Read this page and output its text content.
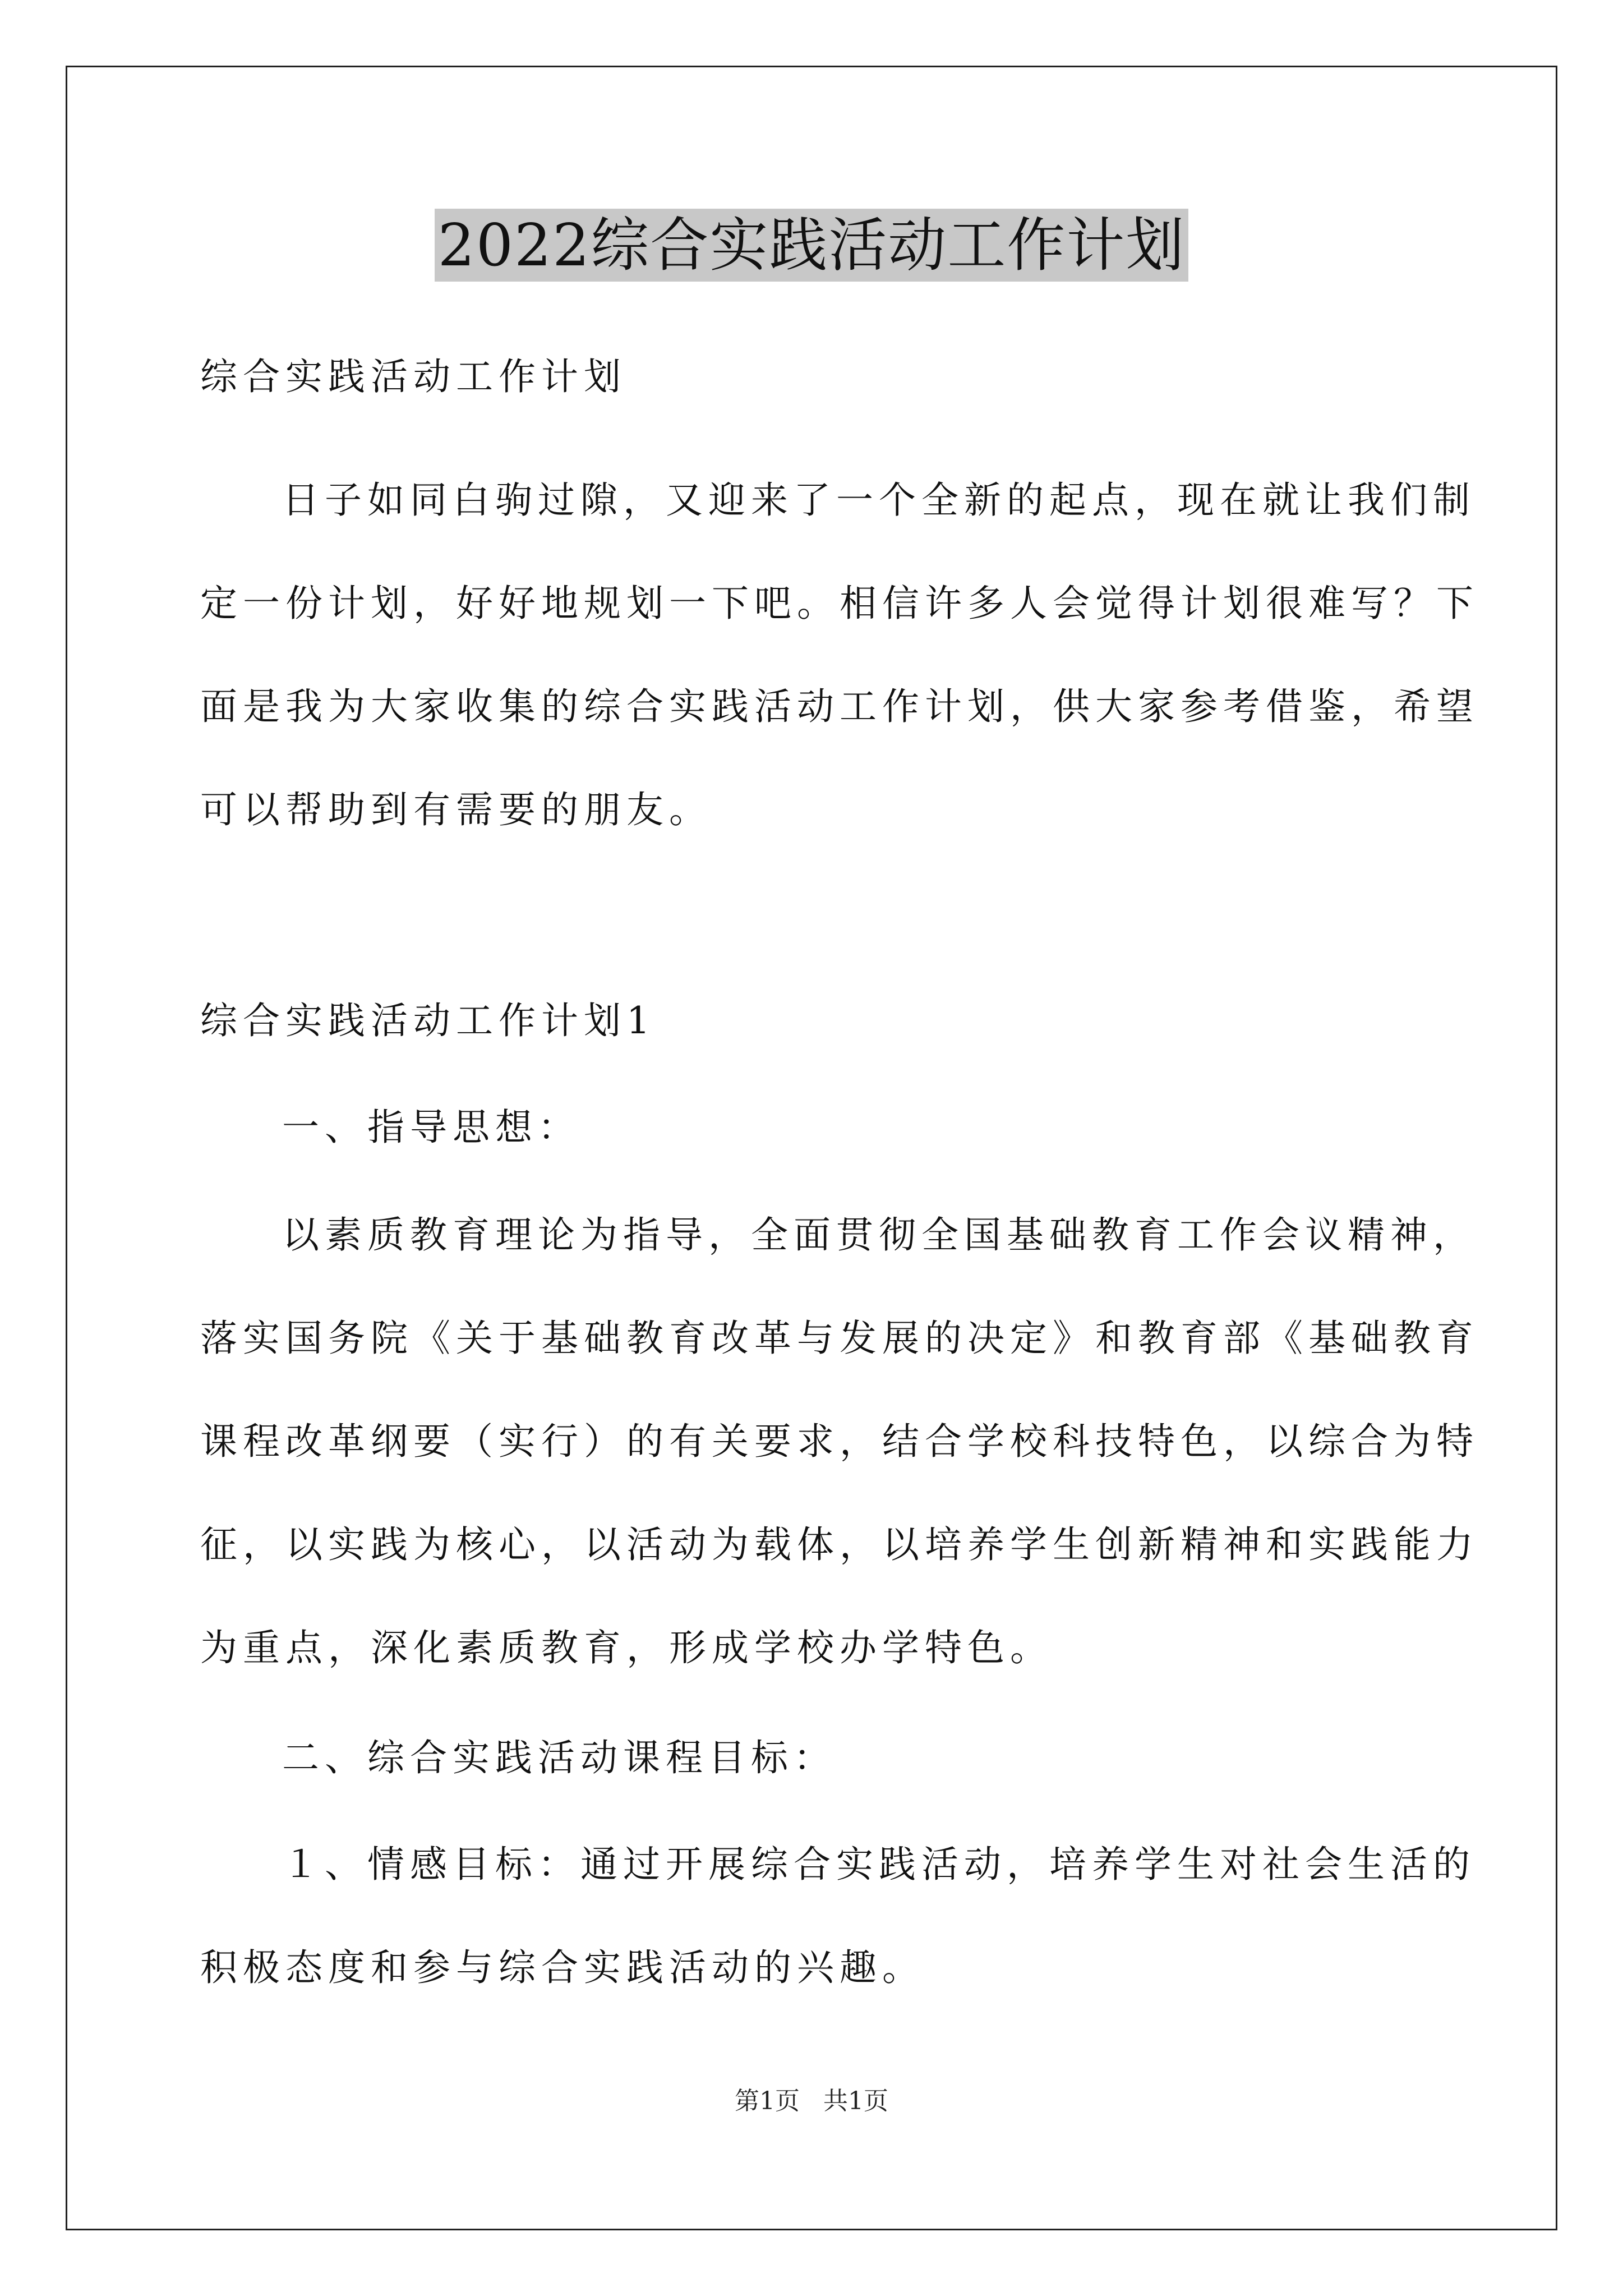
2022综合实践活动工作计划

综合实践活动工作计划

日子如同白驹过隙，又迎来了一个全新的起点，现在就让我们制
定一份计划，好好地规划一下吧。相信许多人会觉得计划很难写？下
面是我为大家收集的综合实践活动工作计划，供大家参考借鉴，希望
可以帮助到有需要的朋友。

综合实践活动工作计划1

一、指导思想：

以素质教育理论为指导，全面贯彻全国基础教育工作会议精神，
落实国务院《关于基础教育改革与发展的决定》和教育部《基础教育
课程改革纲要（实行）的有关要求，结合学校科技特色，以综合为特
征，以实践为核心，以活动为载体，以培养学生创新精神和实践能力
为重点，深化素质教育，形成学校办学特色。

二、综合实践活动课程目标：

１、情感目标：通过开展综合实践活动，培养学生对社会生活的
积极态度和参与综合实践活动的兴趣。
第1页 共1页
